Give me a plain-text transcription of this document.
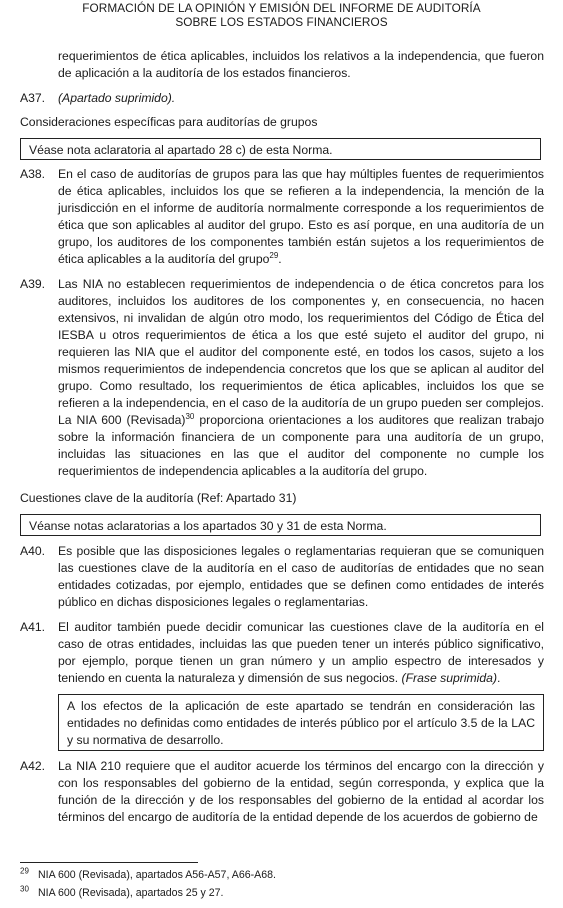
FORMACIÓN DE LA OPINIÓN Y EMISIÓN DEL INFORME DE AUDITORÍA
SOBRE LOS ESTADOS FINANCIEROS
requerimientos de ética aplicables, incluidos los relativos a la independencia, que fueron de aplicación a la auditoría de los estados financieros.
A37. (Apartado suprimido).
Consideraciones específicas para auditorías de grupos
Véase nota aclaratoria al apartado 28 c) de esta Norma.
A38. En el caso de auditorías de grupos para las que hay múltiples fuentes de requerimientos de ética aplicables, incluidos los que se refieren a la independencia, la mención de la jurisdicción en el informe de auditoría normalmente corresponde a los requerimientos de ética que son aplicables al auditor del grupo. Esto es así porque, en una auditoría de un grupo, los auditores de los componentes también están sujetos a los requerimientos de ética aplicables a la auditoría del grupo$^{29}$.
A39. Las NIA no establecen requerimientos de independencia o de ética concretos para los auditores, incluidos los auditores de los componentes y, en consecuencia, no hacen extensivos, ni invalidan de algún otro modo, los requerimientos del Código de Ética del IESBA u otros requerimientos de ética a los que esté sujeto el auditor del grupo, ni requieren las NIA que el auditor del componente esté, en todos los casos, sujeto a los mismos requerimientos de independencia concretos que los que se aplican al auditor del grupo. Como resultado, los requerimientos de ética aplicables, incluidos los que se refieren a la independencia, en el caso de la auditoría de un grupo pueden ser complejos. La NIA 600 (Revisada)$^{30}$ proporciona orientaciones a los auditores que realizan trabajo sobre la información financiera de un componente para una auditoría de un grupo, incluidas las situaciones en las que el auditor del componente no cumple los requerimientos de independencia aplicables a la auditoría del grupo.
Cuestiones clave de la auditoría (Ref: Apartado 31)
Véanse notas aclaratorias a los apartados 30 y 31 de esta Norma.
A40. Es posible que las disposiciones legales o reglamentarias requieran que se comuniquen las cuestiones clave de la auditoría en el caso de auditorías de entidades que no sean entidades cotizadas, por ejemplo, entidades que se definen como entidades de interés público en dichas disposiciones legales o reglamentarias.
A41. El auditor también puede decidir comunicar las cuestiones clave de la auditoría en el caso de otras entidades, incluidas las que pueden tener un interés público significativo, por ejemplo, porque tienen un gran número y un amplio espectro de interesados y teniendo en cuenta la naturaleza y dimensión de sus negocios. (Frase suprimida).
A los efectos de la aplicación de este apartado se tendrán en consideración las entidades no definidas como entidades de interés público por el artículo 3.5 de la LAC y su normativa de desarrollo.
A42. La NIA 210 requiere que el auditor acuerde los términos del encargo con la dirección y con los responsables del gobierno de la entidad, según corresponda, y explica que la función de la dirección y de los responsables del gobierno de la entidad al acordar los términos del encargo de auditoría de la entidad depende de los acuerdos de gobierno de
$^{29}$ NIA 600 (Revisada), apartados A56-A57, A66-A68.
$^{30}$ NIA 600 (Revisada), apartados 25 y 27.
